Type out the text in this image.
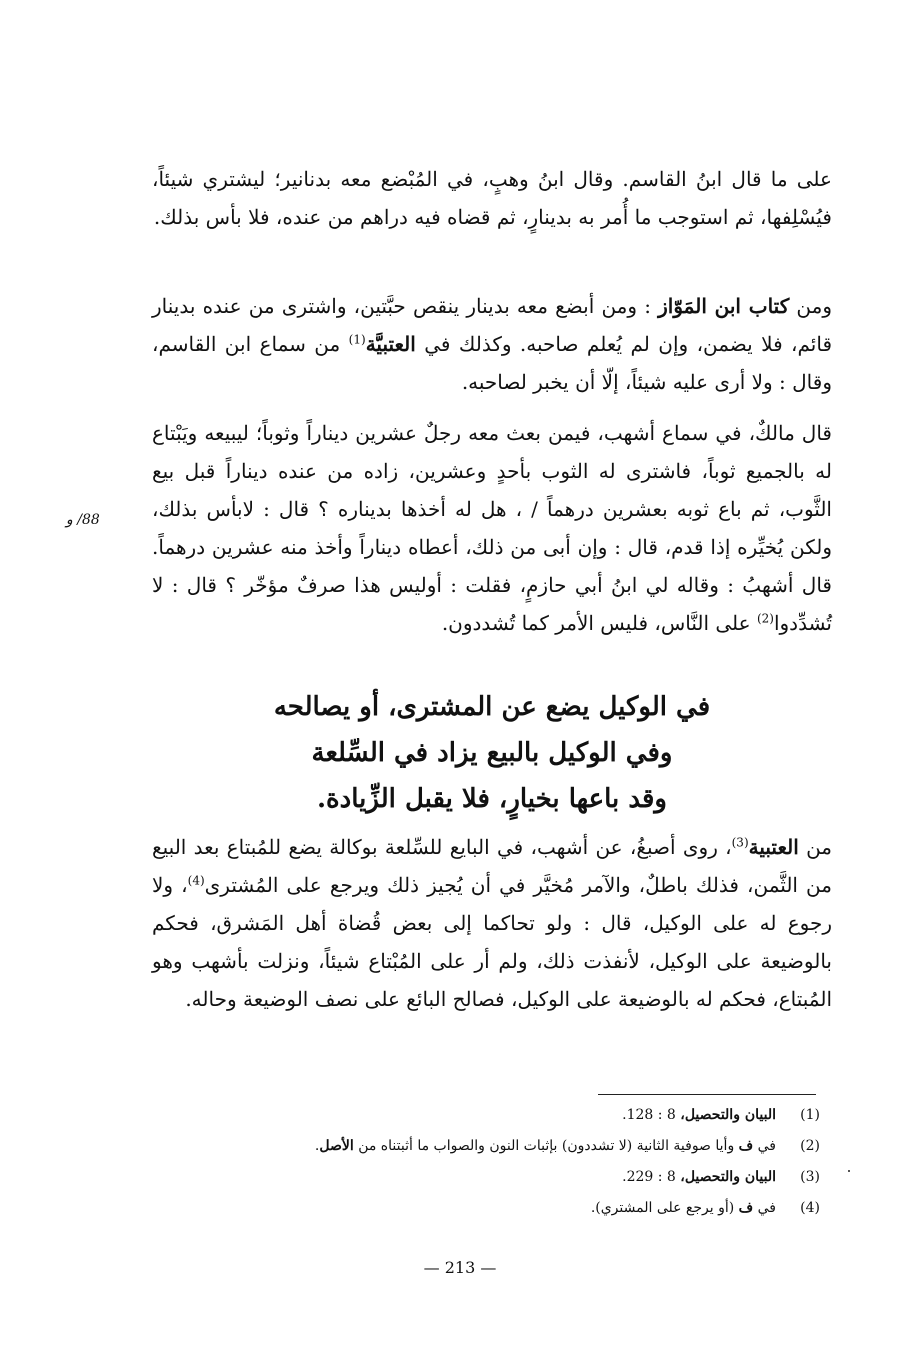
على ما قال ابنُ القاسم. وقال ابنُ وهبٍ، في المُبْضع معه بدنانير؛ ليشتري شيئاً، فيُسْلِفها، ثم استوجب ما أُمر به بدينارٍ، ثم قضاه فيه دراهم من عنده، فلا بأس بذلك.

ومن كتاب ابن المَوّاز : ومن أبضع معه بدينار ينقص حبَّتين، واشترى من عنده بدينار قائم، فلا يضمن، وإن لم يُعلم صاحبه. وكذلك في العتبيَّة$^{(1)}$ من سماع ابن القاسم، وقال : ولا أرى عليه شيئاً، إلّا أن يخبر لصاحبه.

قال مالكٌ، في سماع أشهب، فيمن بعث معه رجلٌ عشرين ديناراً وثوباً؛ ليبيعه ويَبْتاع له بالجميع ثوباً، فاشترى له الثوب بأحدٍ وعشرين، زاده من عنده ديناراً قبل بيع الثَّوب، ثم باع ثوبه بعشرين درهماً / ، هل له أخذها بديناره ؟ قال : لابأس بذلك، ولكن يُخيِّره إذا قدم، قال : وإن أبى من ذلك، أعطاه ديناراً وأخذ منه عشرين درهماً. قال أشهبُ : وقاله لي ابنُ أبي حازمٍ، فقلت : أوليس هذا صرفٌ مؤخّر ؟ قال : لا تُشدِّدوا$^{(2)}$ على النَّاس، فليس الأمر كما تُشددون.

88/ و
في الوكيل يضع عن المشترى، أو يصالحه
وفي الوكيل بالبيع يزاد في السِّلعة
وقد باعها بخيارٍ، فلا يقبل الزِّيادة.

من العتبية$^{(3)}$، روى أصبغُ، عن أشهب، في البايع للسِّلعة بوكالة يضع للمُبتاع بعد البيع من الثَّمن، فذلك باطلٌ، والآمر مُخيَّر في أن يُجيز ذلك ويرجع على المُشترى$^{(4)}$، ولا رجوع له على الوكيل، قال : ولو تحاكما إلى بعض قُضاة أهل المَشرق، فحكم بالوضيعة على الوكيل، لأنفذت ذلك، ولم أر على المُبْتاع شيئاً، ونزلت بأشهب وهو المُبتاع، فحكم له بالوضيعة على الوكيل، فصالح البائع على نصف الوضيعة وحاله.

(1)
البيان والتحصيل، 8 : 128.
(2)
في ف وأيا صوفية الثانية (لا تشددون) بإثبات النون والصواب ما أثبتناه من الأصل.
(3)
البيان والتحصيل، 8 : 229.
(4)
في ف (أو يرجع على المشتري).
— 213 —
